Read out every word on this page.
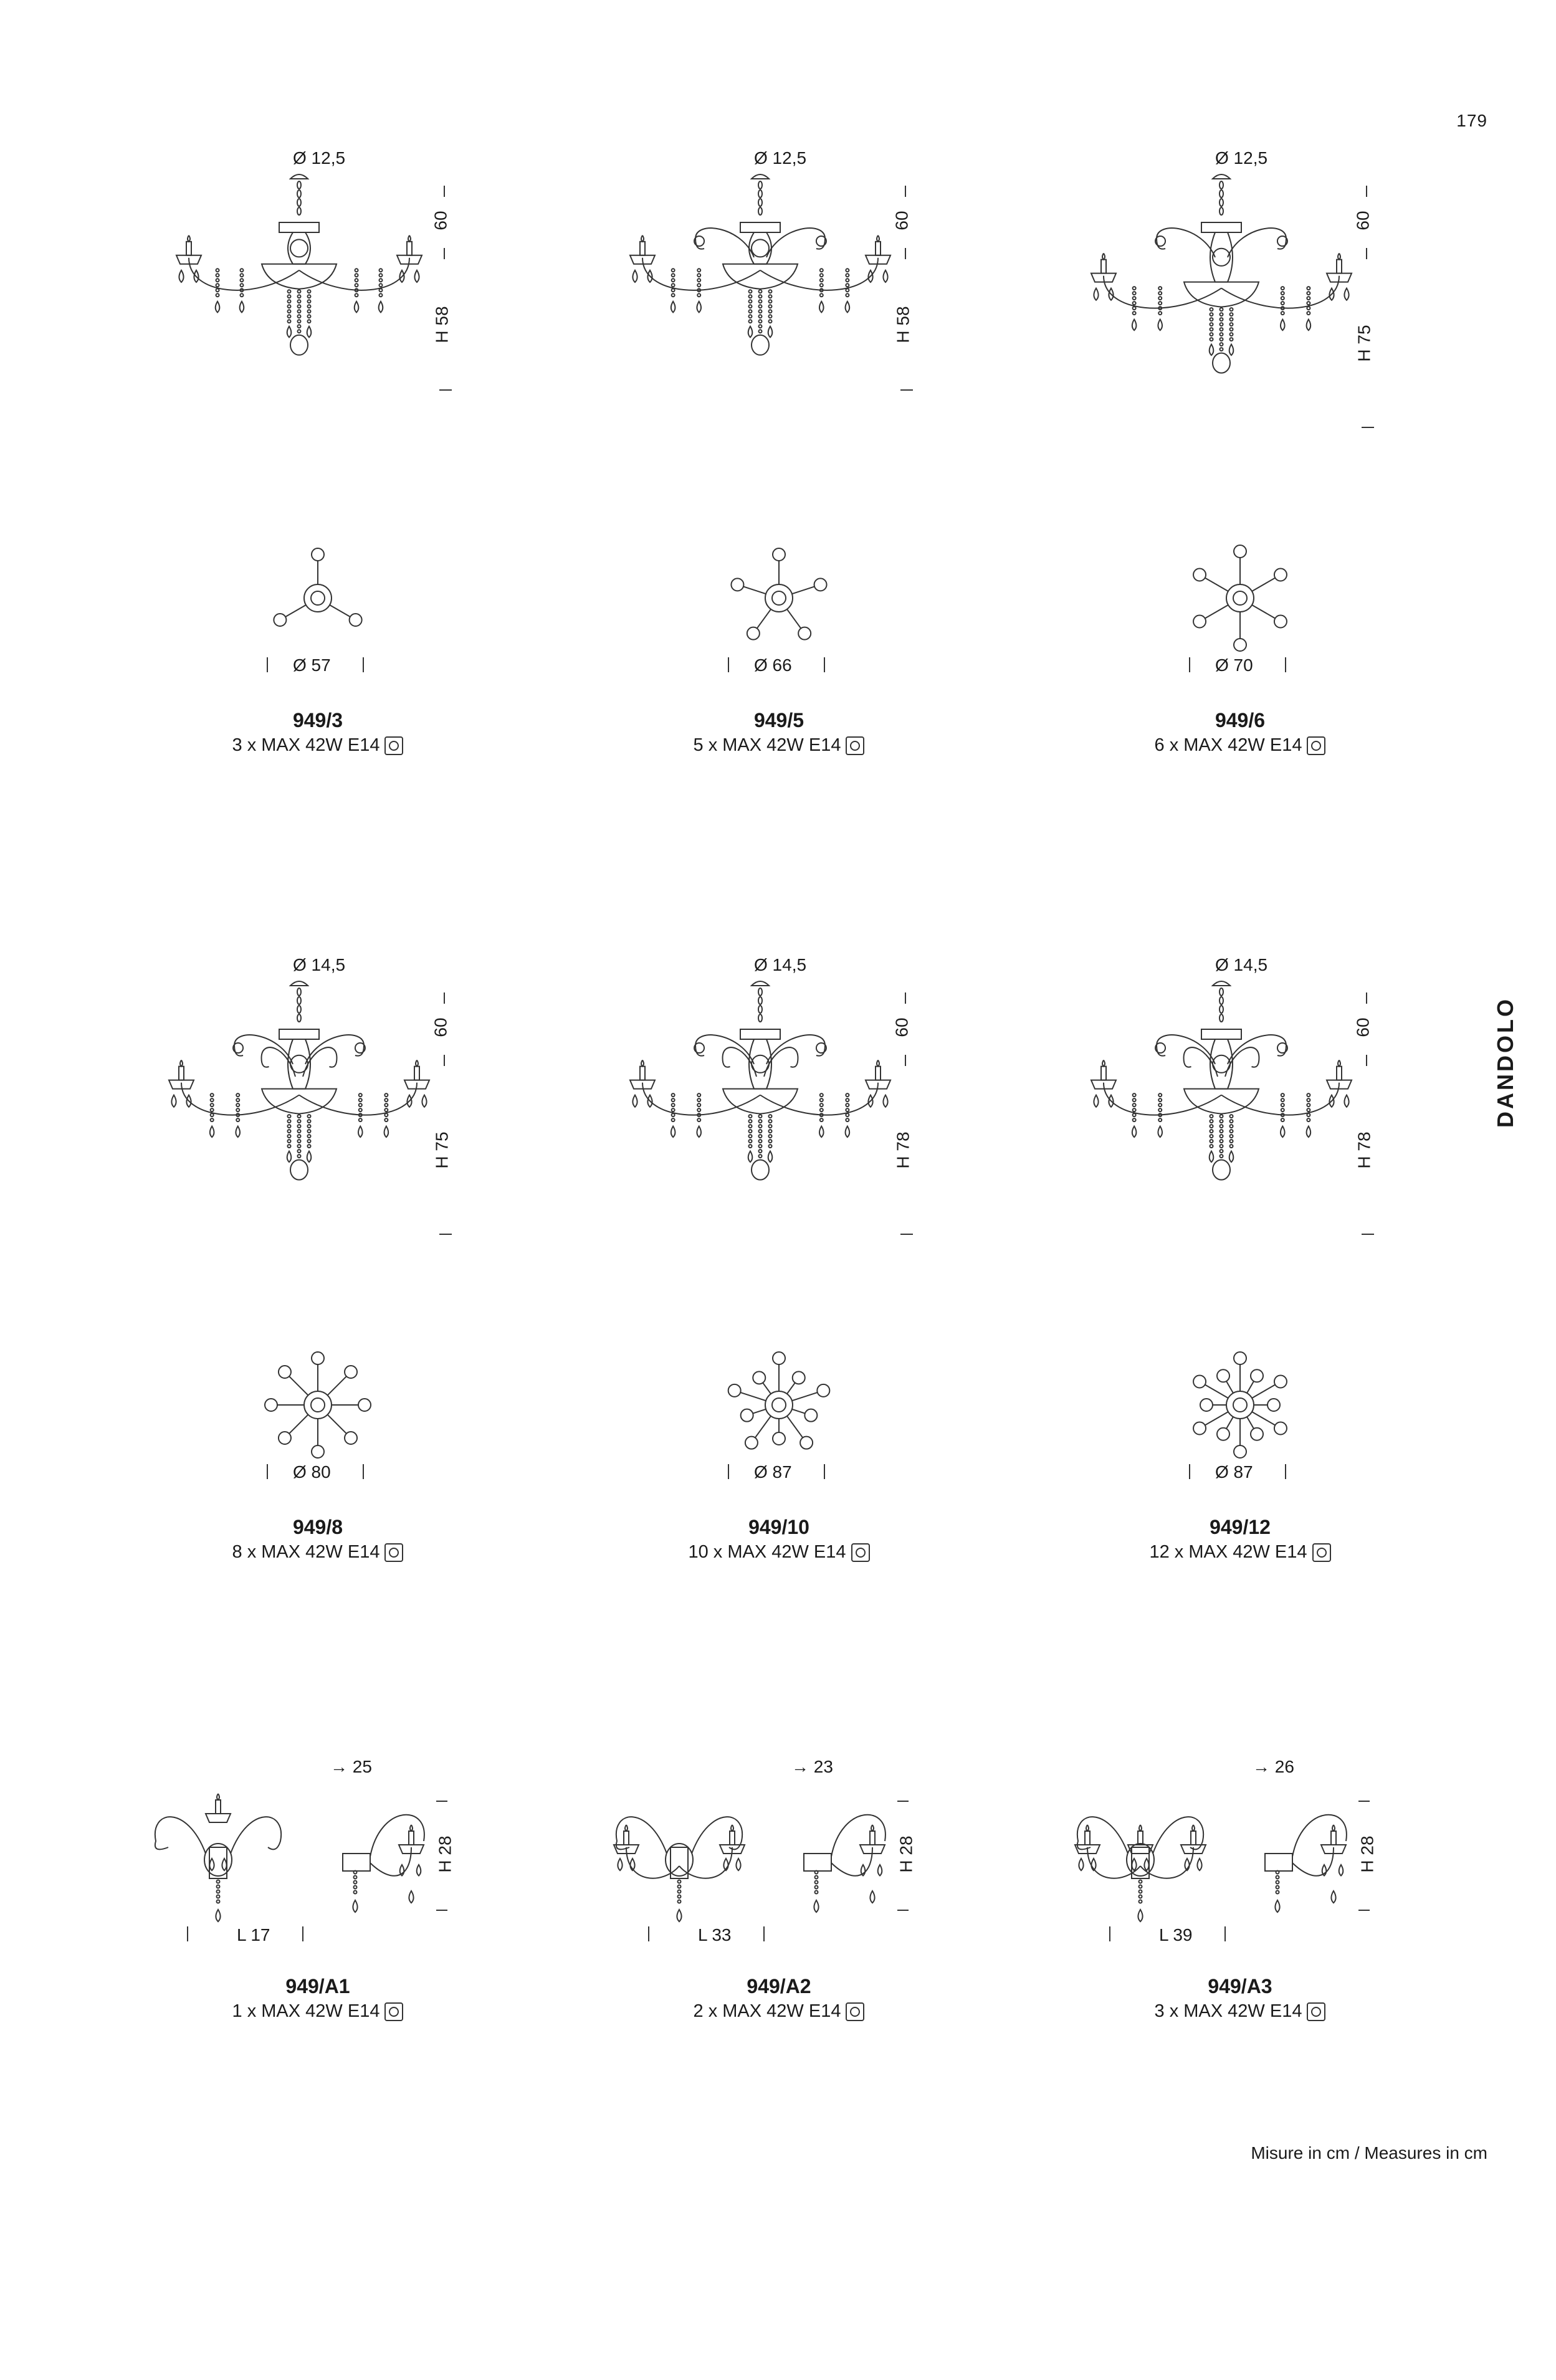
179
DANDOLO
Misure in cm / Measures in cm
Ø 12,5
60
H 58
Ø 57
949/3
3 x MAX 42W E14
Ø 12,5
60
H 58
Ø 66
949/5
5 x MAX 42W E14
Ø 12,5
60
H 75
Ø 70
949/6
6 x MAX 42W E14
Ø 14,5
60
H 75
Ø 80
949/8
8 x MAX 42W E14
Ø 14,5
60
H 78
Ø 87
949/10
10 x MAX 42W E14
Ø 14,5
60
H 78
Ø 87
949/12
12 x MAX 42W E14
→ 25
H 28
L 17
949/A1
1 x MAX 42W E14
→ 23
H 28
L 33
949/A2
2 x MAX 42W E14
→ 26
H 28
L 39
949/A3
3 x MAX 42W E14
